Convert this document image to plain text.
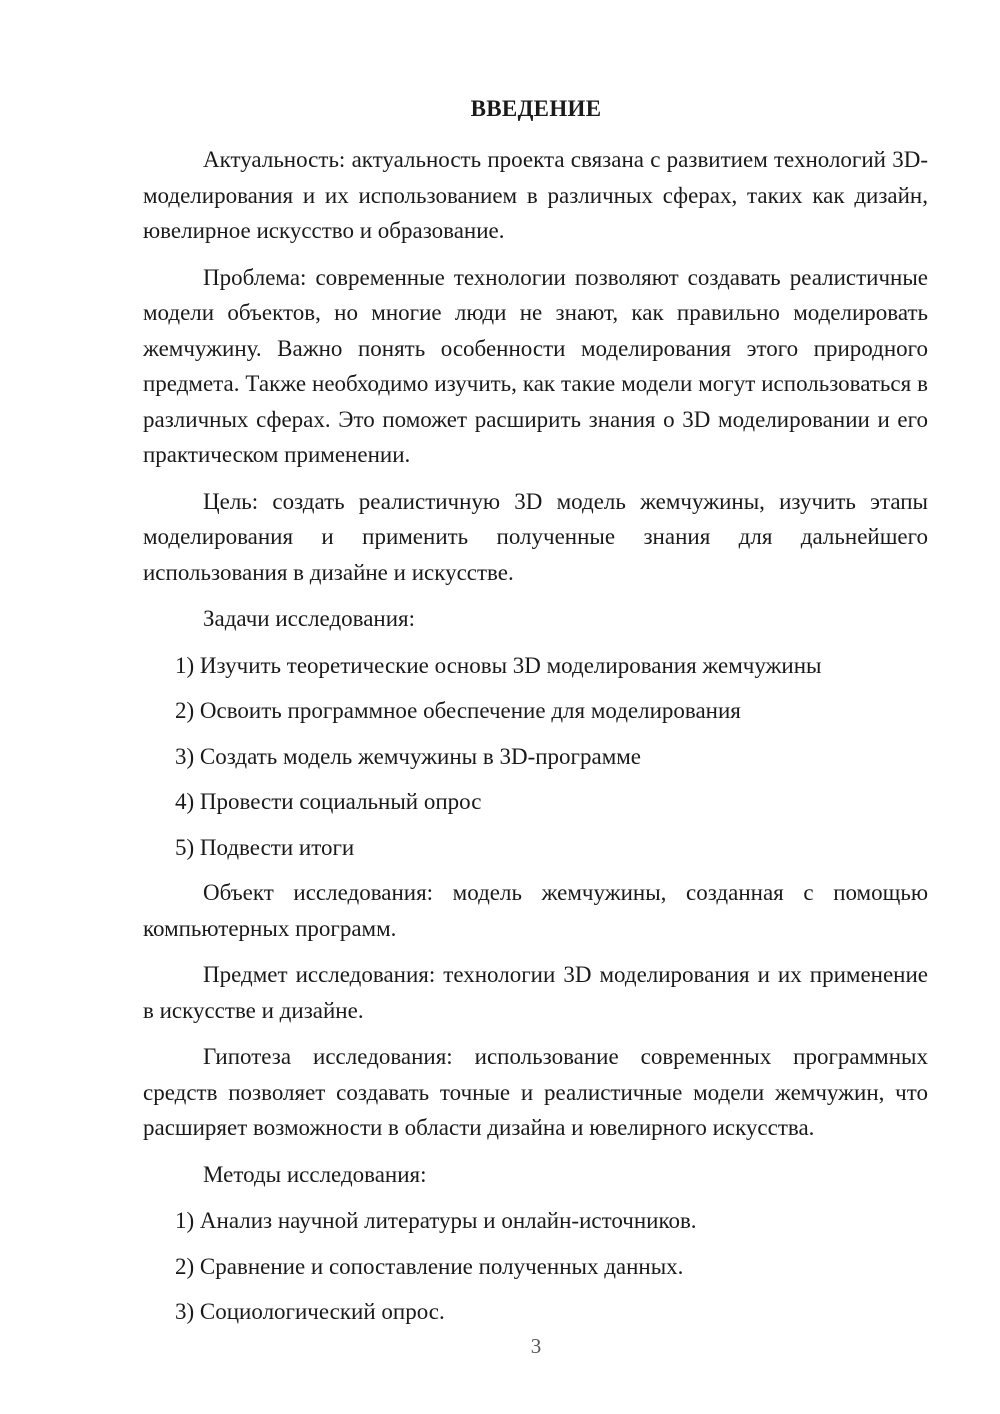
ВВЕДЕНИЕ

Актуальность: актуальность проекта связана с развитием технологий 3D-моделирования и их использованием в различных сферах, таких как дизайн, ювелирное искусство и образование.

Проблема: современные технологии позволяют создавать реалистичные модели объектов, но многие люди не знают, как правильно моделировать жемчужину. Важно понять особенности моделирования этого природного предмета. Также необходимо изучить, как такие модели могут использоваться в различных сферах. Это поможет расширить знания о 3D моделировании и его практическом применении.

Цель: создать реалистичную 3D модель жемчужины, изучить этапы моделирования и применить полученные знания для дальнейшего использования в дизайне и искусстве.

Задачи исследования:

1) Изучить теоретические основы 3D моделирования жемчужины
2) Освоить программное обеспечение для моделирования
3) Создать модель жемчужины в 3D-программе
4) Провести социальный опрос
5) Подвести итоги

Объект исследования: модель жемчужины, созданная с помощью компьютерных программ.

Предмет исследования: технологии 3D моделирования и их применение в искусстве и дизайне.

Гипотеза исследования: использование современных программных средств позволяет создавать точные и реалистичные модели жемчужин, что расширяет возможности в области дизайна и ювелирного искусства.

Методы исследования:

1) Анализ научной литературы и онлайн-источников.
2) Сравнение и сопоставление полученных данных.
3) Социологический опрос.
3
